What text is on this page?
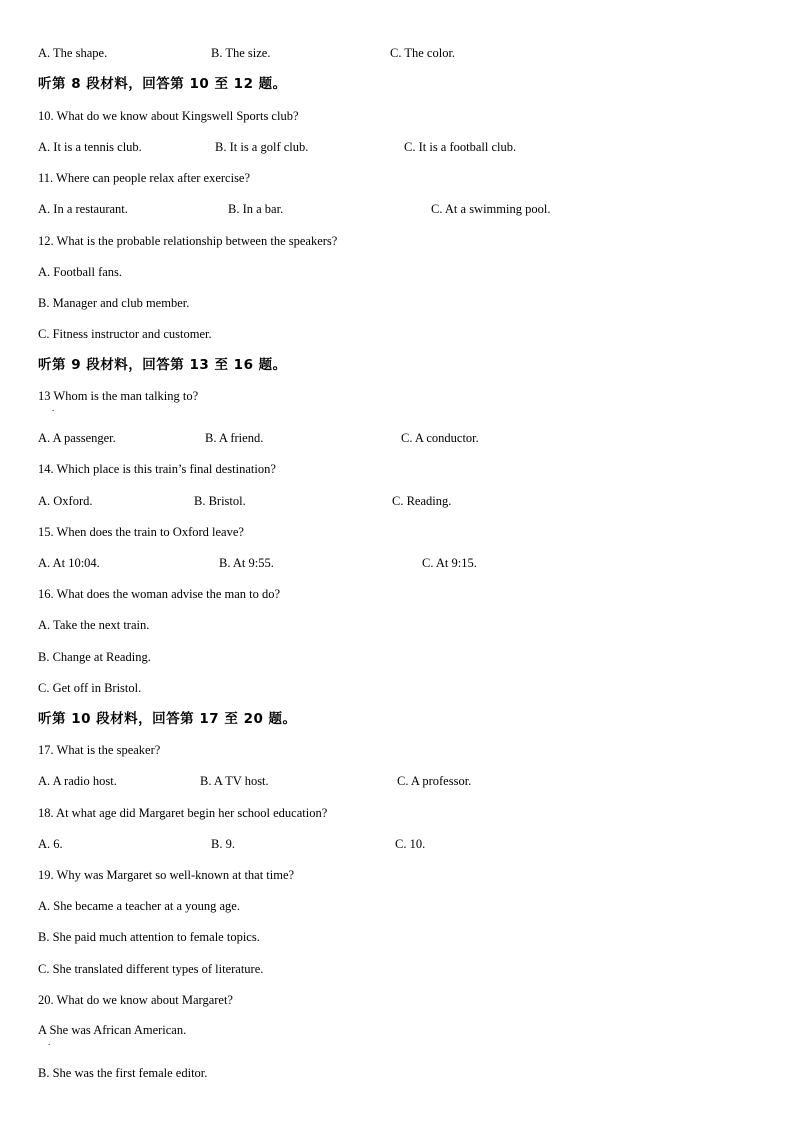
A. The shape.	B. The size.	C. The color.
听第 8 段材料，回答第 10 至 12 题。
10. What do we know about Kingswell Sports club?
A. It is a tennis club.	B. It is a golf club.	C. It is a football club.
11. Where can people relax after exercise?
A. In a restaurant.	B. In a bar.	C. At a swimming pool.
12. What is the probable relationship between the speakers?
A. Football fans.
B. Manager and club member.
C. Fitness instructor and customer.
听第 9 段材料，回答第 13 至 16 题。
13 Whom is the man talking to?
.
A. A passenger.	B. A friend.	C. A conductor.
14. Which place is this train’s final destination?
A. Oxford.	B. Bristol.	C. Reading.
15. When does the train to Oxford leave?
A. At 10:04.	B. At 9:55.	C. At 9:15.
16. What does the woman advise the man to do?
A. Take the next train.
B. Change at Reading.
C. Get off in Bristol.
听第 10 段材料，回答第 17 至 20 题。
17. What is the speaker?
A. A radio host.	B. A TV host.	C. A professor.
18. At what age did Margaret begin her school education?
A. 6.	B. 9.	C. 10.
19. Why was Margaret so well-known at that time?
A. She became a teacher at a young age.
B. She paid much attention to female topics.
C. She translated different types of literature.
20. What do we know about Margaret?
A She was African American.
.
B. She was the first female editor.
